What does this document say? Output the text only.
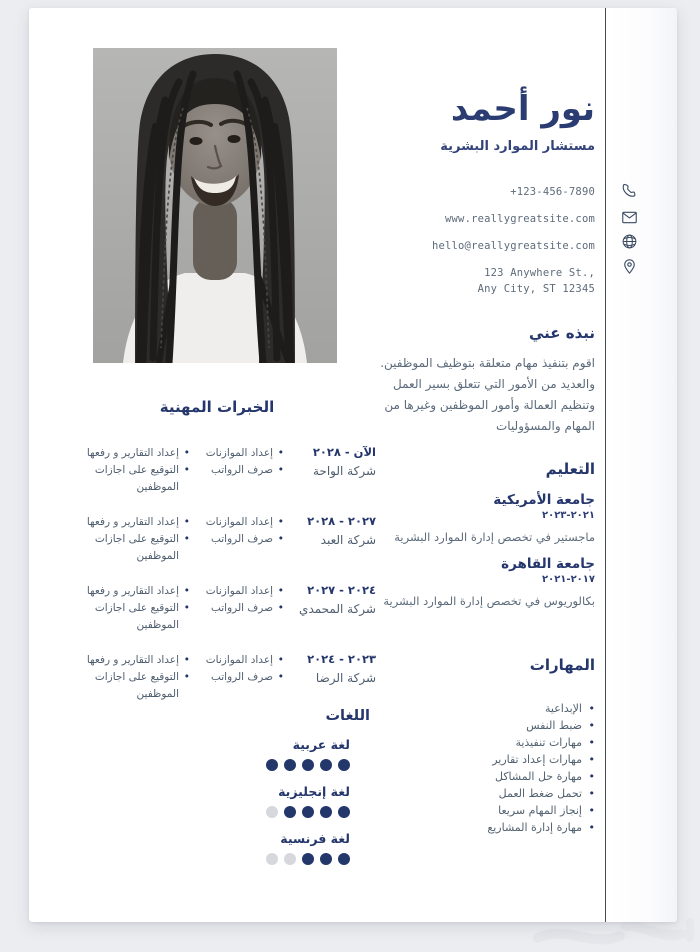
نور أحمد
مستشار الموارد البشرية
+123-456-7890
www.reallygreatsite.com
hello@reallygreatsite.com
123 Anywhere St.,
Any City, ST 12345
نبذه عني
اقوم بتنفيذ مهام متعلقة بتوظيف الموظفين. والعديد من الأمور التي تتعلق بسير العمل وتنظيم العمالة وأمور الموظفين وغيرها من المهام والمسؤوليات
التعليم
جامعة الأمريكية
٢٠٢١-٢٠٢٣
ماجستير في تخصص إدارة الموارد البشرية
جامعة القاهرة
٢٠١٧-٢٠٢١
بكالوريوس في تخصص إدارة الموارد البشرية
المهارات
• الإبداعية
• ضبط النفس
• مهارات تنفيذية
• مهارات إعداد تقارير
• مهارة حل المشاكل
• تحمل ضغط العمل
• إنجاز المهام سريعا
• مهارة إدارة المشاريع
الخبرات المهنية
الآن - ٢٠٢٨
شركة الواحة
• إعداد الموازنات
• صرف الرواتب
• إعداد التقارير و رفعها
• التوقيع على اجازات الموظفين
٢٠٢٧ - ٢٠٢٨
شركة العبد
• إعداد الموازنات
• صرف الرواتب
• إعداد التقارير و رفعها
• التوقيع على اجازات الموظفين
٢٠٢٤ - ٢٠٢٧
شركة المحمدي
• إعداد الموازنات
• صرف الرواتب
• إعداد التقارير و رفعها
• التوقيع على اجازات الموظفين
٢٠٢٣ - ٢٠٢٤
شركة الرضا
• إعداد الموازنات
• صرف الرواتب
• إعداد التقارير و رفعها
• التوقيع على اجازات الموظفين
اللغات
لغة عربية
لغة إنجليزية
لغة فرنسية
